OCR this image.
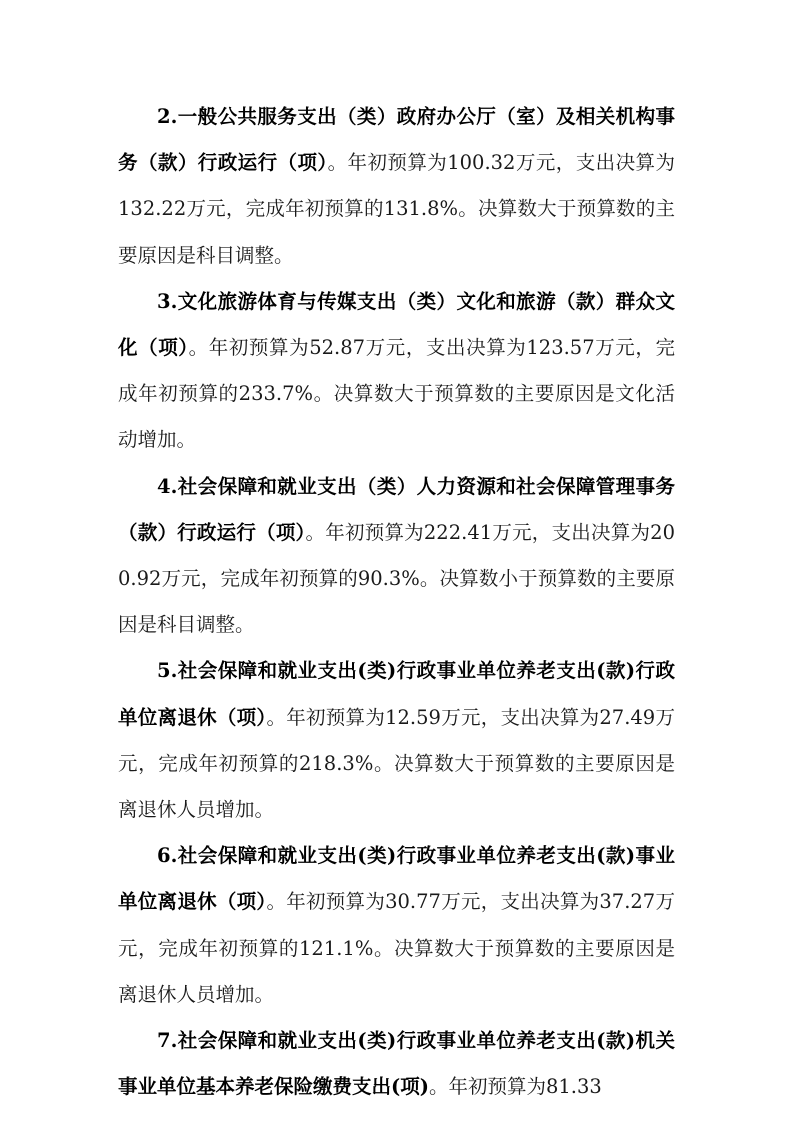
2.一般公共服务支出（类）政府办公厅（室）及相关机构事务（款）行政运行（项）。年初预算为100.32万元，支出决算为132.22万元，完成年初预算的131.8%。决算数大于预算数的主要原因是科目调整。

3.文化旅游体育与传媒支出（类）文化和旅游（款）群众文化（项）。年初预算为52.87万元，支出决算为123.57万元，完成年初预算的233.7%。决算数大于预算数的主要原因是文化活动增加。

4.社会保障和就业支出（类）人力资源和社会保障管理事务（款）行政运行（项）。年初预算为222.41万元，支出决算为200.92万元，完成年初预算的90.3%。决算数小于预算数的主要原因是科目调整。

5.社会保障和就业支出(类)行政事业单位养老支出(款)行政单位离退休（项）。年初预算为12.59万元，支出决算为27.49万元，完成年初预算的218.3%。决算数大于预算数的主要原因是离退休人员增加。

6.社会保障和就业支出(类)行政事业单位养老支出(款)事业单位离退休（项）。年初预算为30.77万元，支出决算为37.27万元，完成年初预算的121.1%。决算数大于预算数的主要原因是离退休人员增加。

7.社会保障和就业支出(类)行政事业单位养老支出(款)机关事业单位基本养老保险缴费支出(项)。年初预算为81.33
